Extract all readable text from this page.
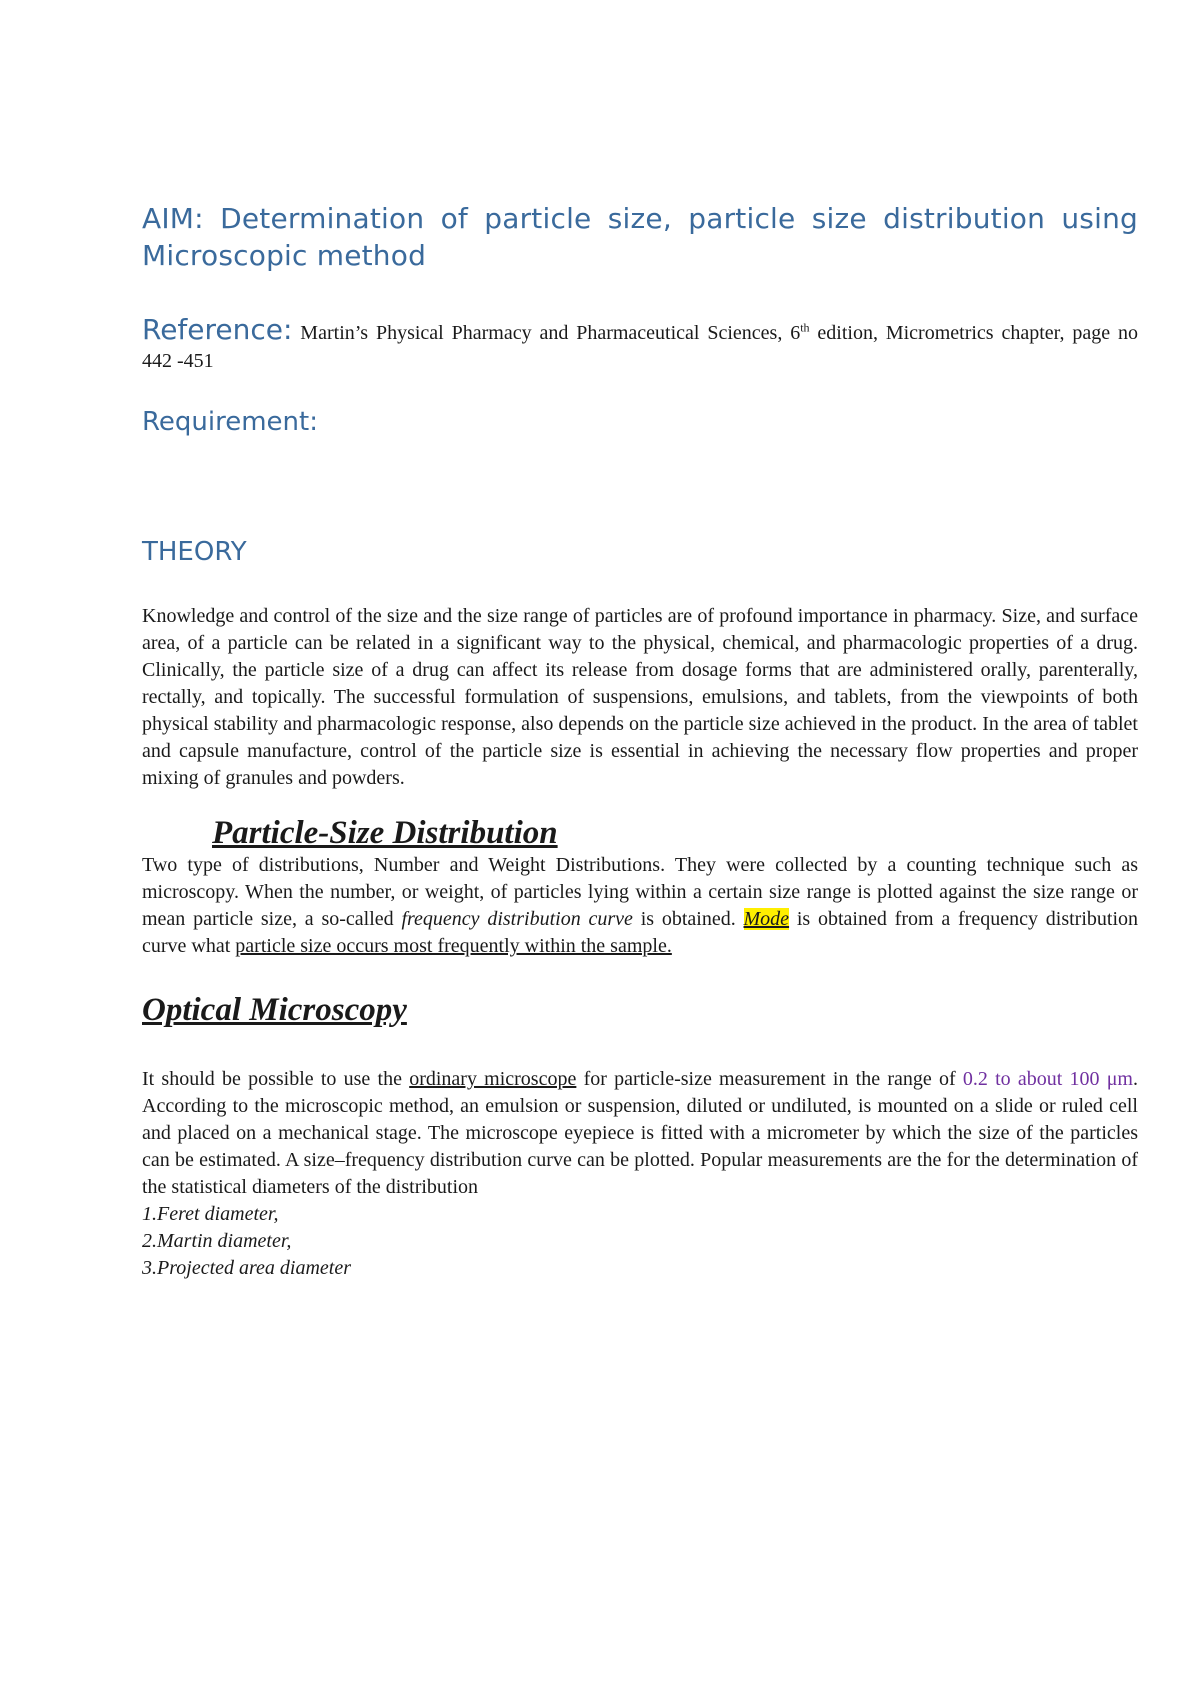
AIM: Determination of particle size, particle size distribution using Microscopic method

Reference: Martin’s Physical Pharmacy and Pharmaceutical Sciences, 6th edition, Micrometrics chapter, page no 442 -451

Requirement:
THEORY

Knowledge and control of the size and the size range of particles are of profound importance in pharmacy. Size, and surface area, of a particle can be related in a significant way to the physical, chemical, and pharmacologic properties of a drug. Clinically, the particle size of a drug can affect its release from dosage forms that are administered orally, parenterally, rectally, and topically. The successful formulation of suspensions, emulsions, and tablets, from the viewpoints of both physical stability and pharmacologic response, also depends on the particle size achieved in the product. In the area of tablet and capsule manufacture, control of the particle size is essential in achieving the necessary flow properties and proper mixing of granules and powders.

Particle-Size Distribution

Two type of distributions, Number and Weight Distributions. They were collected by a counting technique such as microscopy. When the number, or weight, of particles lying within a certain size range is plotted against the size range or mean particle size, a so-called frequency distribution curve is obtained. Mode is obtained from a frequency distribution curve what particle size occurs most frequently within the sample.

Optical Microscopy

It should be possible to use the ordinary microscope for particle-size measurement in the range of 0.2 to about 100 μm. According to the microscopic method, an emulsion or suspension, diluted or undiluted, is mounted on a slide or ruled cell and placed on a mechanical stage. The microscope eyepiece is fitted with a micrometer by which the size of the particles can be estimated. A size–frequency distribution curve can be plotted. Popular measurements are the for the determination of the statistical diameters of the distribution

1.Feret diameter,
2.Martin diameter,
3.Projected area diameter
